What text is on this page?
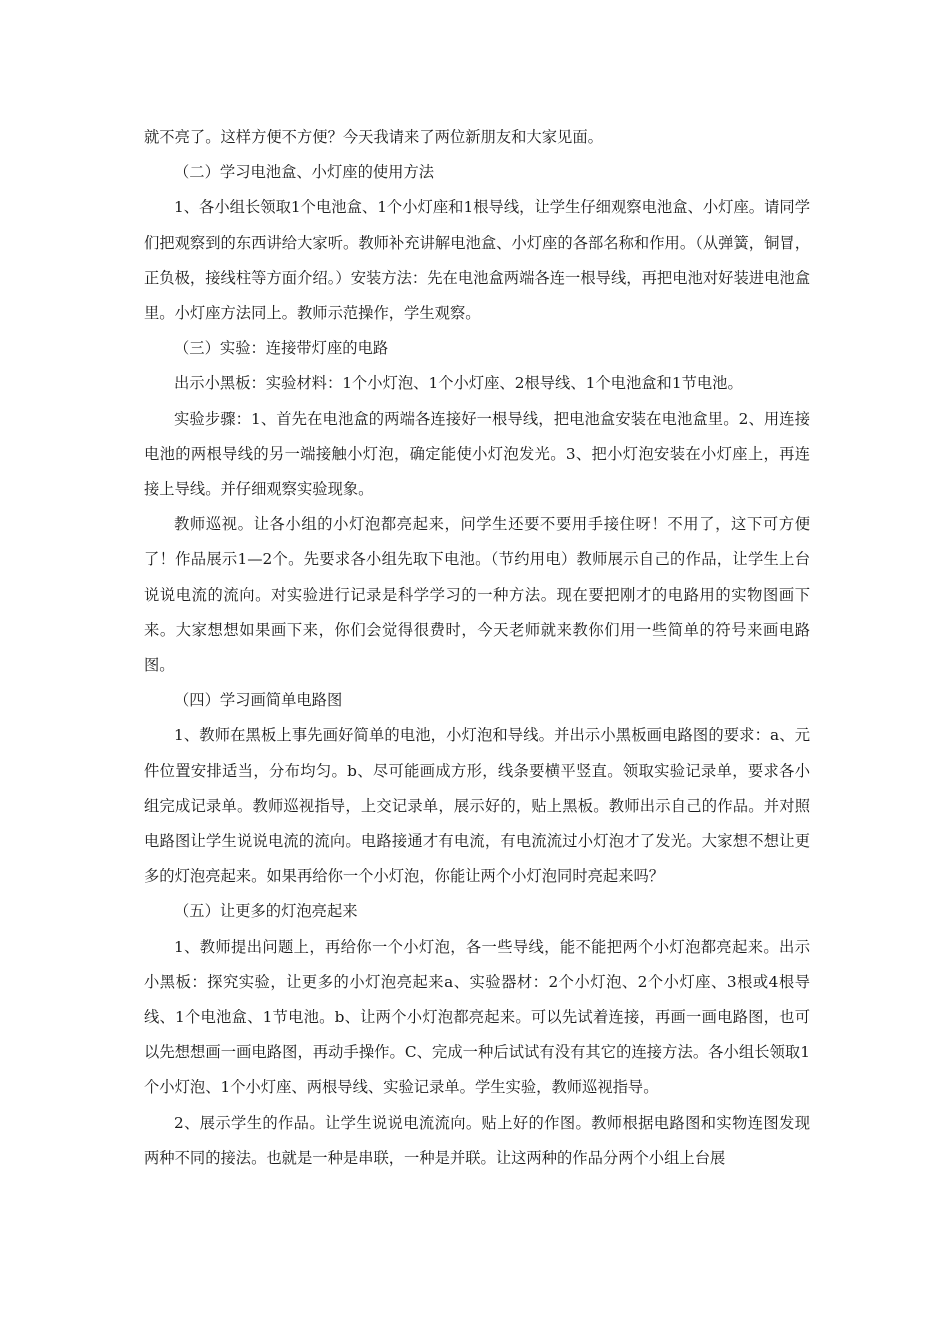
就不亮了。这样方便不方便？今天我请来了两位新朋友和大家见面。

（二）学习电池盒、小灯座的使用方法

1、各小组长领取1个电池盒、1个小灯座和1根导线，让学生仔细观察电池盒、小灯座。请同学们把观察到的东西讲给大家听。教师补充讲解电池盒、小灯座的各部名称和作用。（从弹簧，铜冒，正负极，接线柱等方面介绍。）安装方法：先在电池盒两端各连一根导线，再把电池对好装进电池盒里。小灯座方法同上。教师示范操作，学生观察。

（三）实验：连接带灯座的电路

出示小黑板：实验材料：1个小灯泡、1个小灯座、2根导线、1个电池盒和1节电池。

实验步骤：1、首先在电池盒的两端各连接好一根导线，把电池盒安装在电池盒里。2、用连接电池的两根导线的另一端接触小灯泡，确定能使小灯泡发光。3、把小灯泡安装在小灯座上，再连接上导线。并仔细观察实验现象。

教师巡视。让各小组的小灯泡都亮起来，问学生还要不要用手接住呀！不用了，这下可方便了！作品展示1—2个。先要求各小组先取下电池。（节约用电）教师展示自己的作品，让学生上台说说电流的流向。对实验进行记录是科学学习的一种方法。现在要把刚才的电路用的实物图画下来。大家想想如果画下来，你们会觉得很费时，今天老师就来教你们用一些简单的符号来画电路图。

（四）学习画简单电路图

1、教师在黑板上事先画好简单的电池，小灯泡和导线。并出示小黑板画电路图的要求：a、元件位置安排适当，分布均匀。b、尽可能画成方形，线条要横平竖直。领取实验记录单，要求各小组完成记录单。教师巡视指导，上交记录单，展示好的，贴上黑板。教师出示自己的作品。并对照电路图让学生说说电流的流向。电路接通才有电流，有电流流过小灯泡才了发光。大家想不想让更多的灯泡亮起来。如果再给你一个小灯泡，你能让两个小灯泡同时亮起来吗？

（五）让更多的灯泡亮起来

1、教师提出问题上，再给你一个小灯泡，各一些导线，能不能把两个小灯泡都亮起来。出示小黑板：探究实验，让更多的小灯泡亮起来a、实验器材：2个小灯泡、2个小灯座、3根或4根导线、1个电池盒、1节电池。b、让两个小灯泡都亮起来。可以先试着连接，再画一画电路图，也可以先想想画一画电路图，再动手操作。C、完成一种后试试有没有其它的连接方法。各小组长领取1个小灯泡、1个小灯座、两根导线、实验记录单。学生实验，教师巡视指导。

2、展示学生的作品。让学生说说电流流向。贴上好的作图。教师根据电路图和实物连图发现两种不同的接法。也就是一种是串联，一种是并联。让这两种的作品分两个小组上台展
